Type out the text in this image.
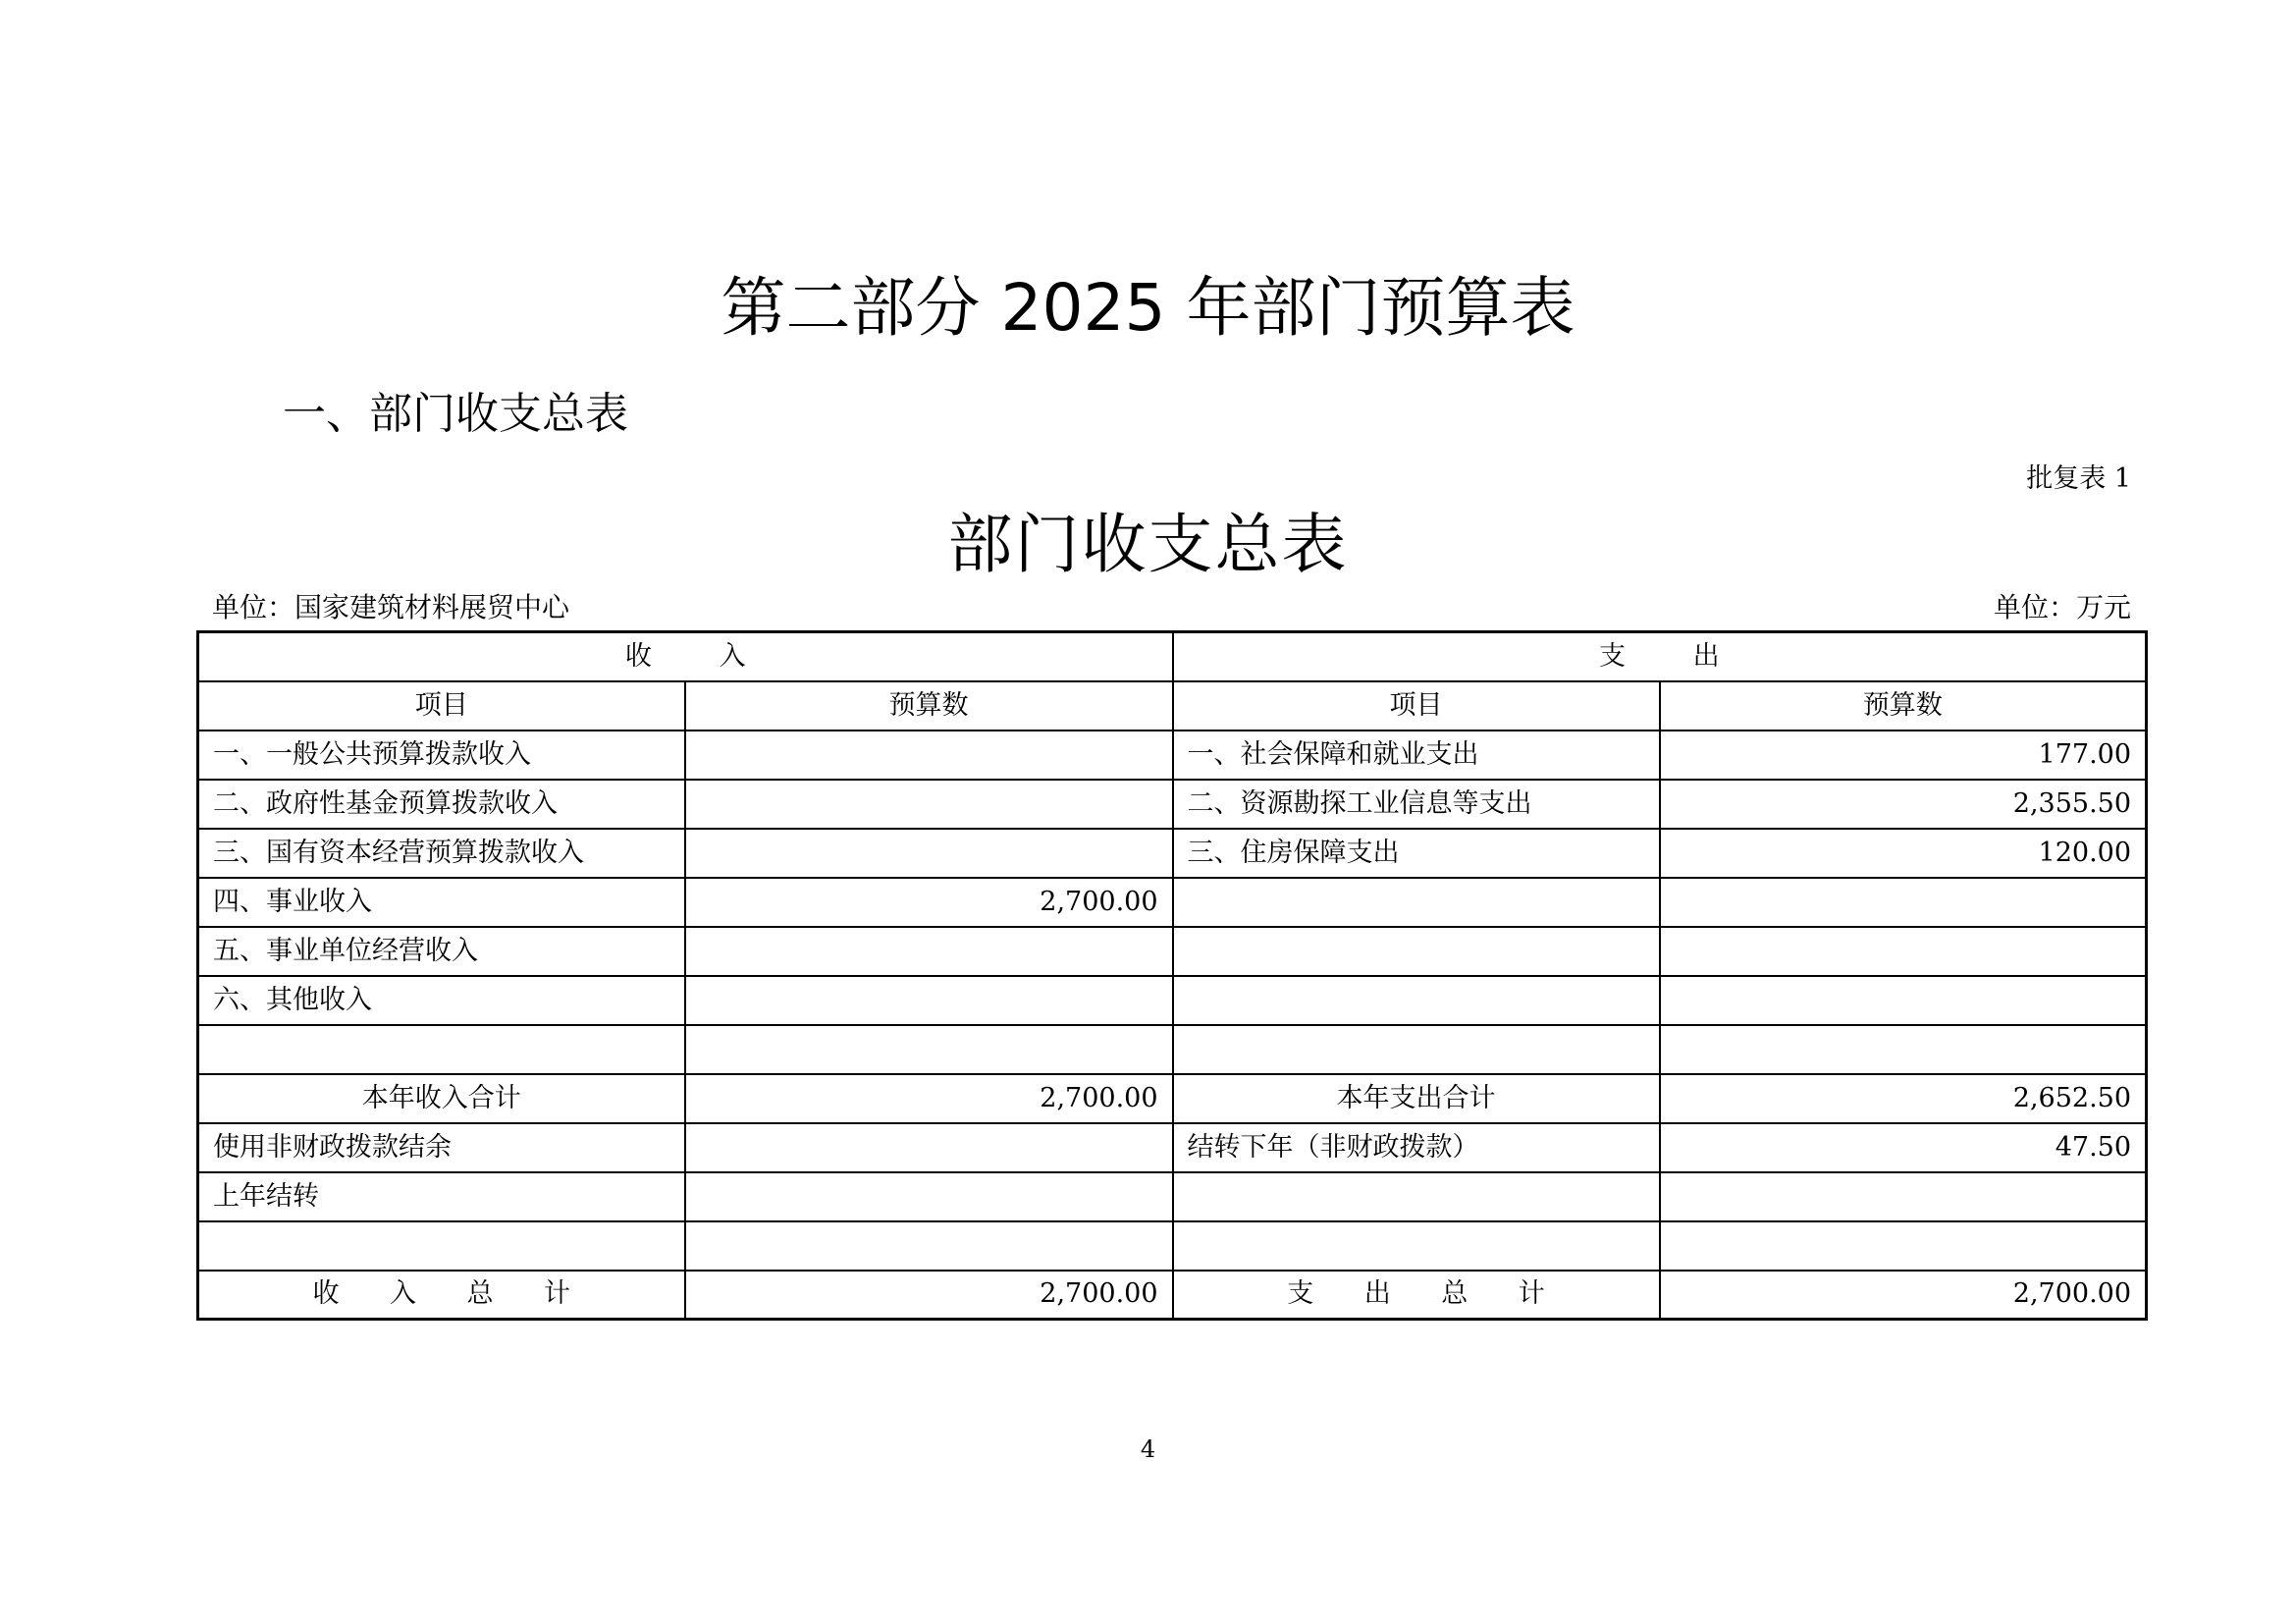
第二部分 2025 年部门预算表
一、部门收支总表
批复表 1
部门收支总表
单位：国家建筑材料展贸中心	单位：万元
收        入		支        出	
项目	预算数	项目	预算数
一、一般公共预算拨款收入		一、社会保障和就业支出	177.00
二、政府性基金预算拨款收入		二、资源勘探工业信息等支出	2,355.50
三、国有资本经营预算拨款收入		三、住房保障支出	120.00
四、事业收入	2,700.00		
五、事业单位经营收入			
六、其他收入			

本年收入合计	2,700.00	本年支出合计	2,652.50
使用非财政拨款结余		结转下年（非财政拨款）	47.50
上年结转			

收      入      总      计	2,700.00	支      出      总      计	2,700.00
4
